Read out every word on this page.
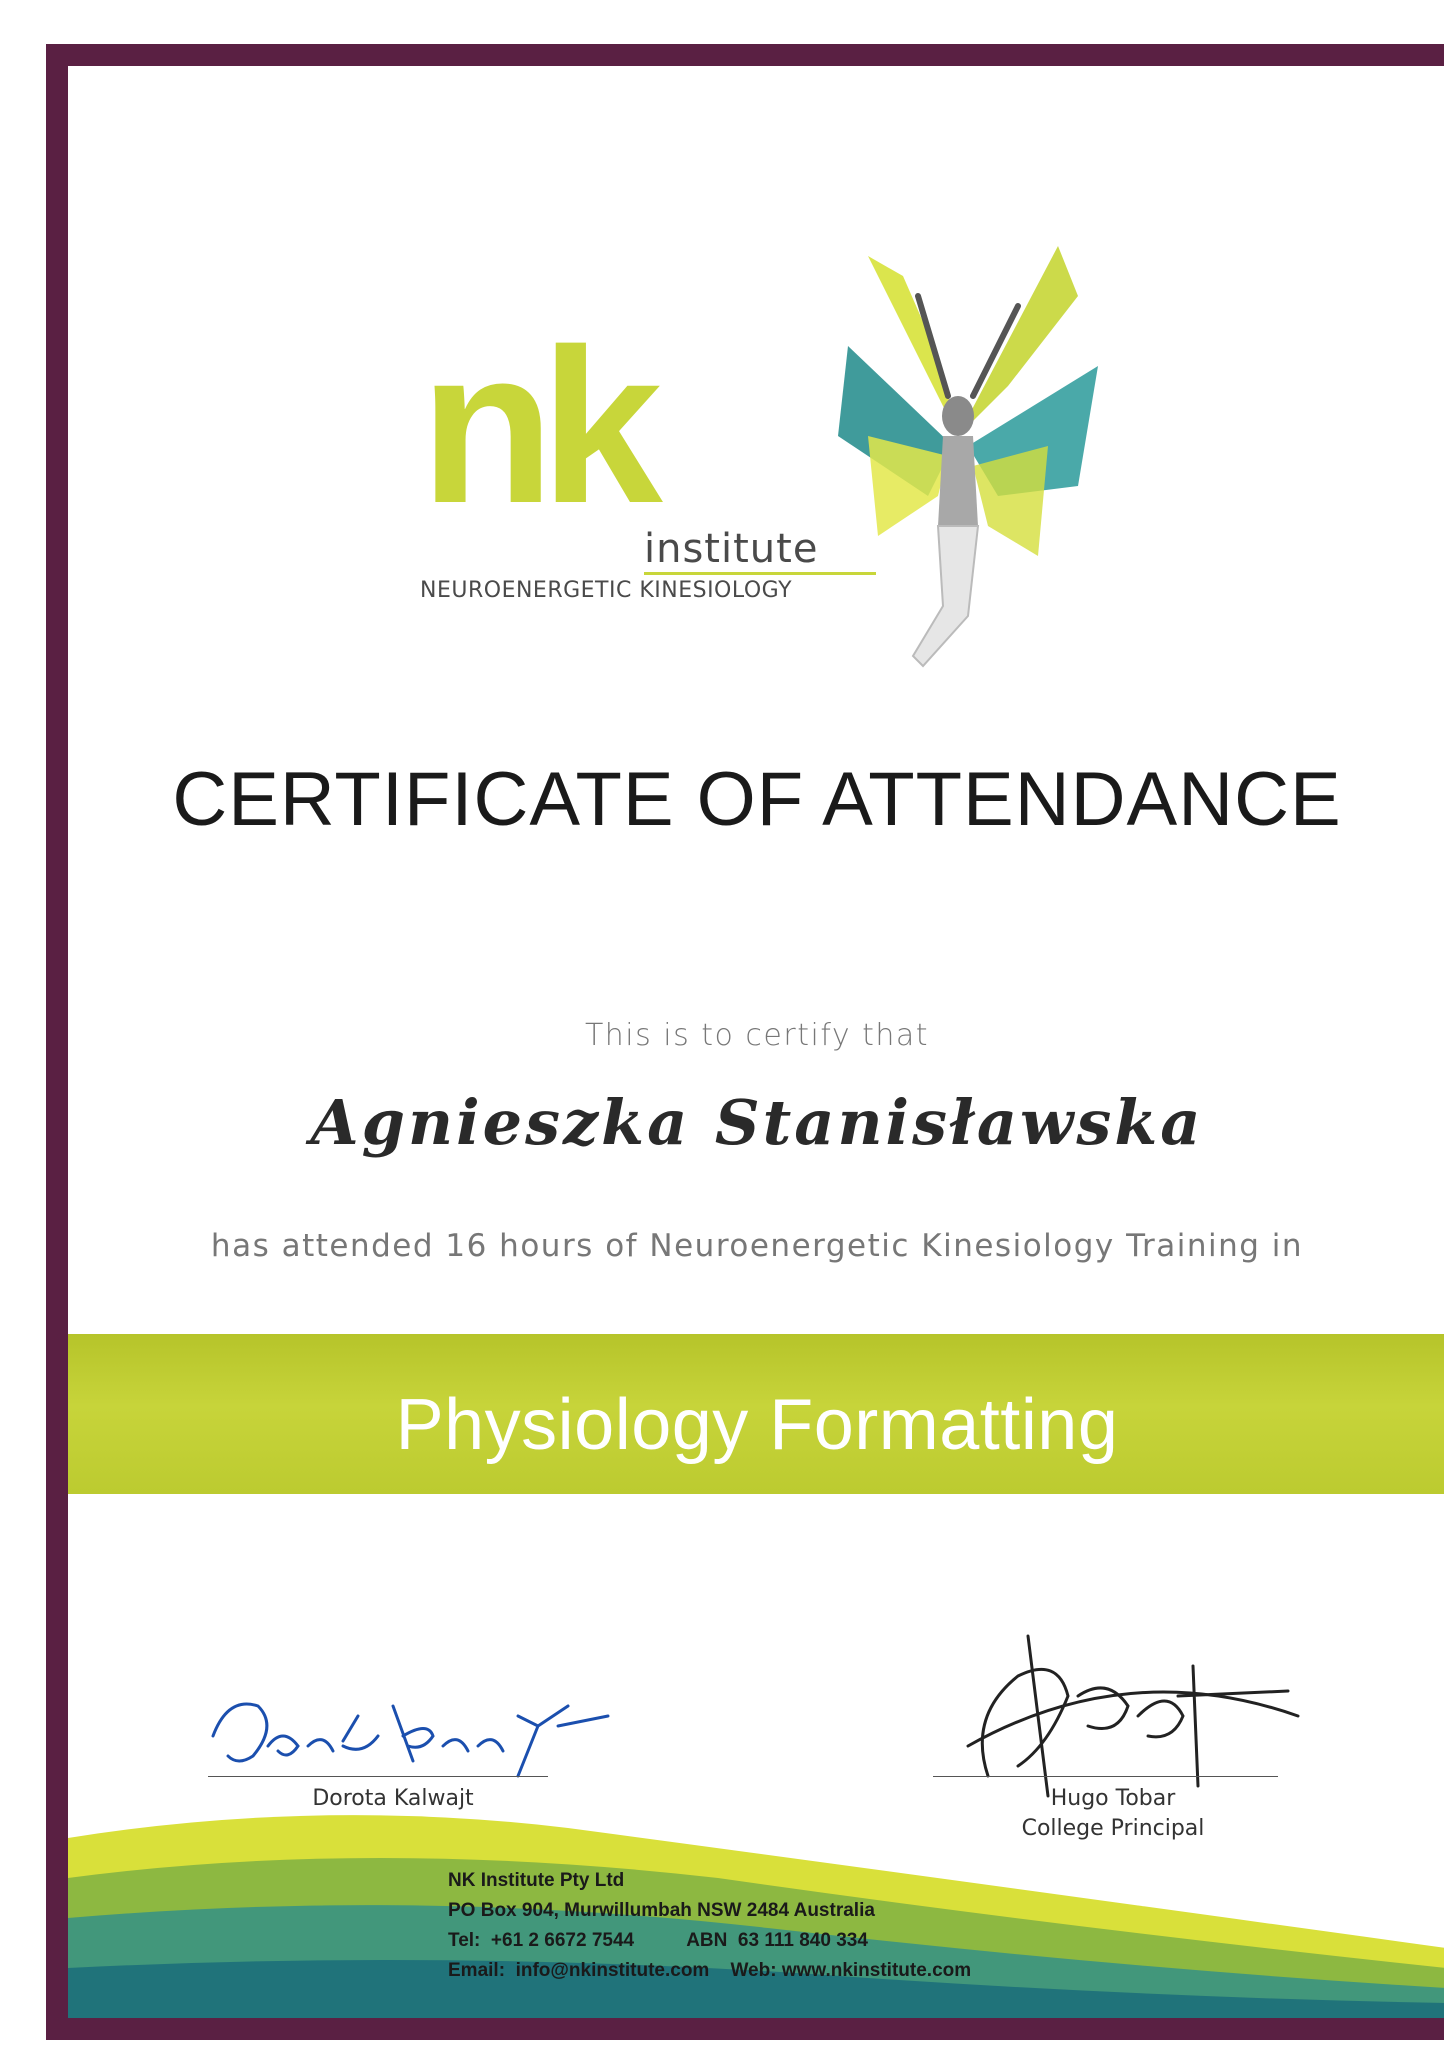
nk
institute
NEUROENERGETIC KINESIOLOGY
CERTIFICATE OF ATTENDANCE
This is to certify that
Agnieszka Stanisławska
has attended 16 hours of Neuroenergetic Kinesiology Training in
Physiology Formatting
Dorota Kalwajt	Hugo Tobar
College Principal
NK Institute Pty Ltd
PO Box 904, Murwillumbah NSW 2484 Australia
Tel:  +61 2 6672 7544	ABN  63 111 840 334
Email:  info@nkinstitute.com Web: www.nkinstitute.com
